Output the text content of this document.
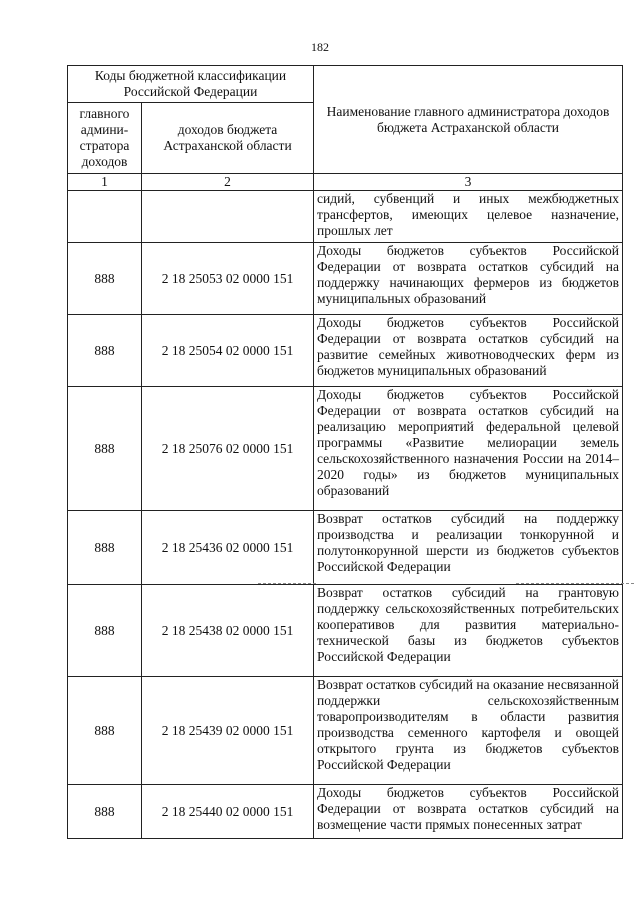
182
Коды бюджетной классификации Российской Федерации		Наименование главного администратора доходов бюджета Астраханской области
главного админи-стратора доходов	доходов бюджета Астраханской области	
1	2	3
		сидий, субвенций и иных межбюджетных трансфертов, имеющих целевое назначение, прошлых лет
888	2 18 25053 02 0000 151	Доходы бюджетов субъектов Российской Федерации от возврата остатков субсидий на поддержку начинающих фермеров из бюджетов муниципальных образований
888	2 18 25054 02 0000 151	Доходы бюджетов субъектов Российской Федерации от возврата остатков субсидий на развитие семейных животноводческих ферм из бюджетов муниципальных образований
888	2 18 25076 02 0000 151	Доходы бюджетов субъектов Российской Федерации от возврата остатков субсидий на реализацию мероприятий федеральной целевой программы «Развитие мелиорации земель сельскохозяйственного назначения России на 2014–2020 годы» из бюджетов муниципальных образований
888	2 18 25436 02 0000 151	Возврат остатков субсидий на поддержку производства и реализации тонкорунной и полутонкорунной шерсти из бюджетов субъектов Российской Федерации
888	2 18 25438 02 0000 151	Возврат остатков субсидий на грантовую поддержку сельскохозяйственных потребительских кооперативов для развития материально-технической базы из бюджетов субъектов Российской Федерации
888	2 18 25439 02 0000 151	Возврат остатков субсидий на оказание несвязанной поддержки сельскохозяйственным товаропроизводителям в области развития производства семенного картофеля и овощей открытого грунта из бюджетов субъектов Российской Федерации
888	2 18 25440 02 0000 151	Доходы бюджетов субъектов Российской Федерации от возврата остатков субсидий на возмещение части прямых понесенных затрат
